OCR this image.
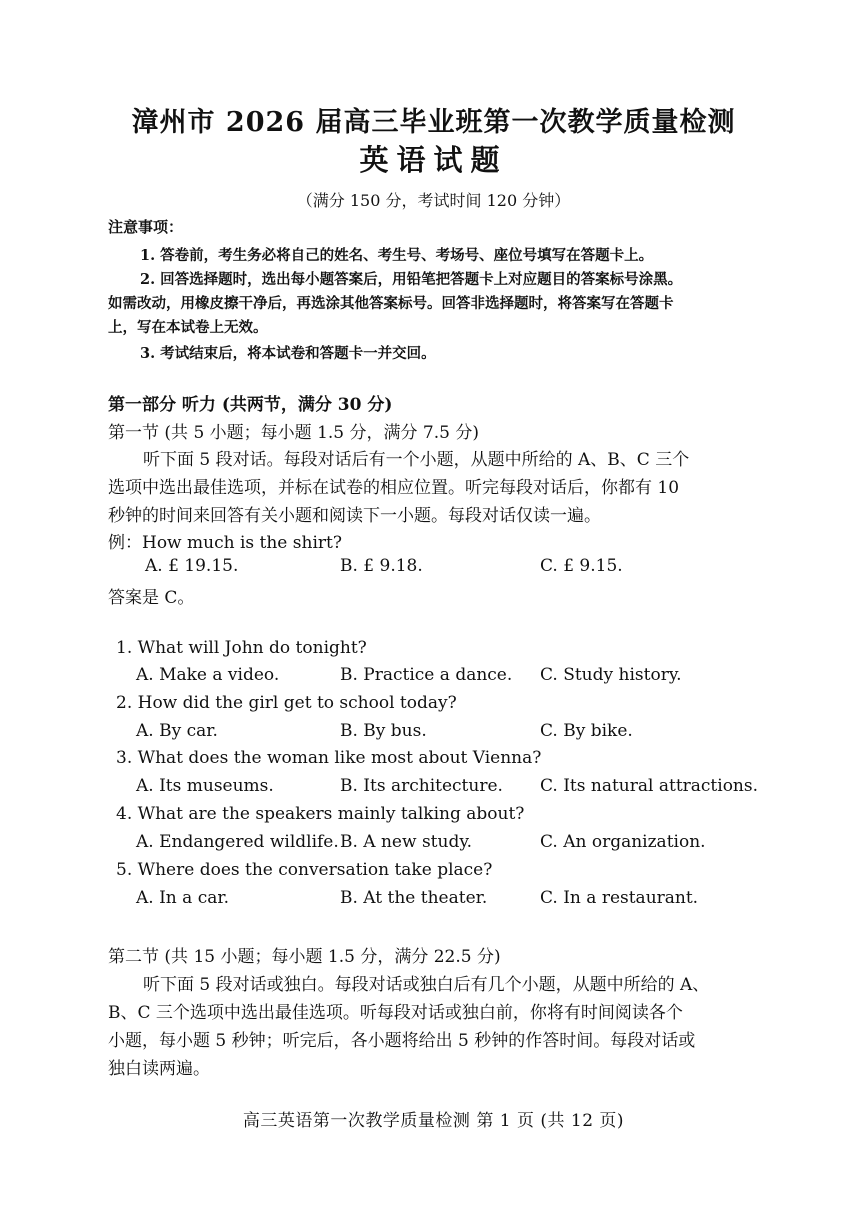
漳州市 2026 届高三毕业班第一次教学质量检测
英语试题
（满分 150 分，考试时间 120 分钟）
注意事项：
1. 答卷前，考生务必将自己的姓名、考生号、考场号、座位号填写在答题卡上。
2. 回答选择题时，选出每小题答案后，用铅笔把答题卡上对应题目的答案标号涂黑。
如需改动，用橡皮擦干净后，再选涂其他答案标号。回答非选择题时，将答案写在答题卡
上，写在本试卷上无效。
3. 考试结束后，将本试卷和答题卡一并交回。
第一部分 听力 (共两节，满分 30 分)
第一节 (共 5 小题；每小题 1.5 分，满分 7.5 分)
听下面 5 段对话。每段对话后有一个小题，从题中所给的 A、B、C 三个
选项中选出最佳选项，并标在试卷的相应位置。听完每段对话后，你都有 10
秒钟的时间来回答有关小题和阅读下一小题。每段对话仅读一遍。
例：How much is the shirt?
A. £ 19.15.	B. £ 9.18.	C. £ 9.15.
答案是 C。
1. What will John do tonight?
A. Make a video.	B. Practice a dance. C. Study history.
2. How did the girl get to school today?
A. By car.	B. By bus.	C. By bike.
3. What does the woman like most about Vienna?
A. Its museums.	B. Its architecture. C. Its natural attractions.
4. What are the speakers mainly talking about?
A. Endangered wildlife. B. A new study.	C. An organization.
5. Where does the conversation take place?
A. In a car.	B. At the theater.	C. In a restaurant.
第二节 (共 15 小题；每小题 1.5 分，满分 22.5 分)
听下面 5 段对话或独白。每段对话或独白后有几个小题，从题中所给的 A、
B、C 三个选项中选出最佳选项。听每段对话或独白前，你将有时间阅读各个
小题，每小题 5 秒钟；听完后，各小题将给出 5 秒钟的作答时间。每段对话或
独白读两遍。
高三英语第一次教学质量检测 第 1 页 (共 12 页)
